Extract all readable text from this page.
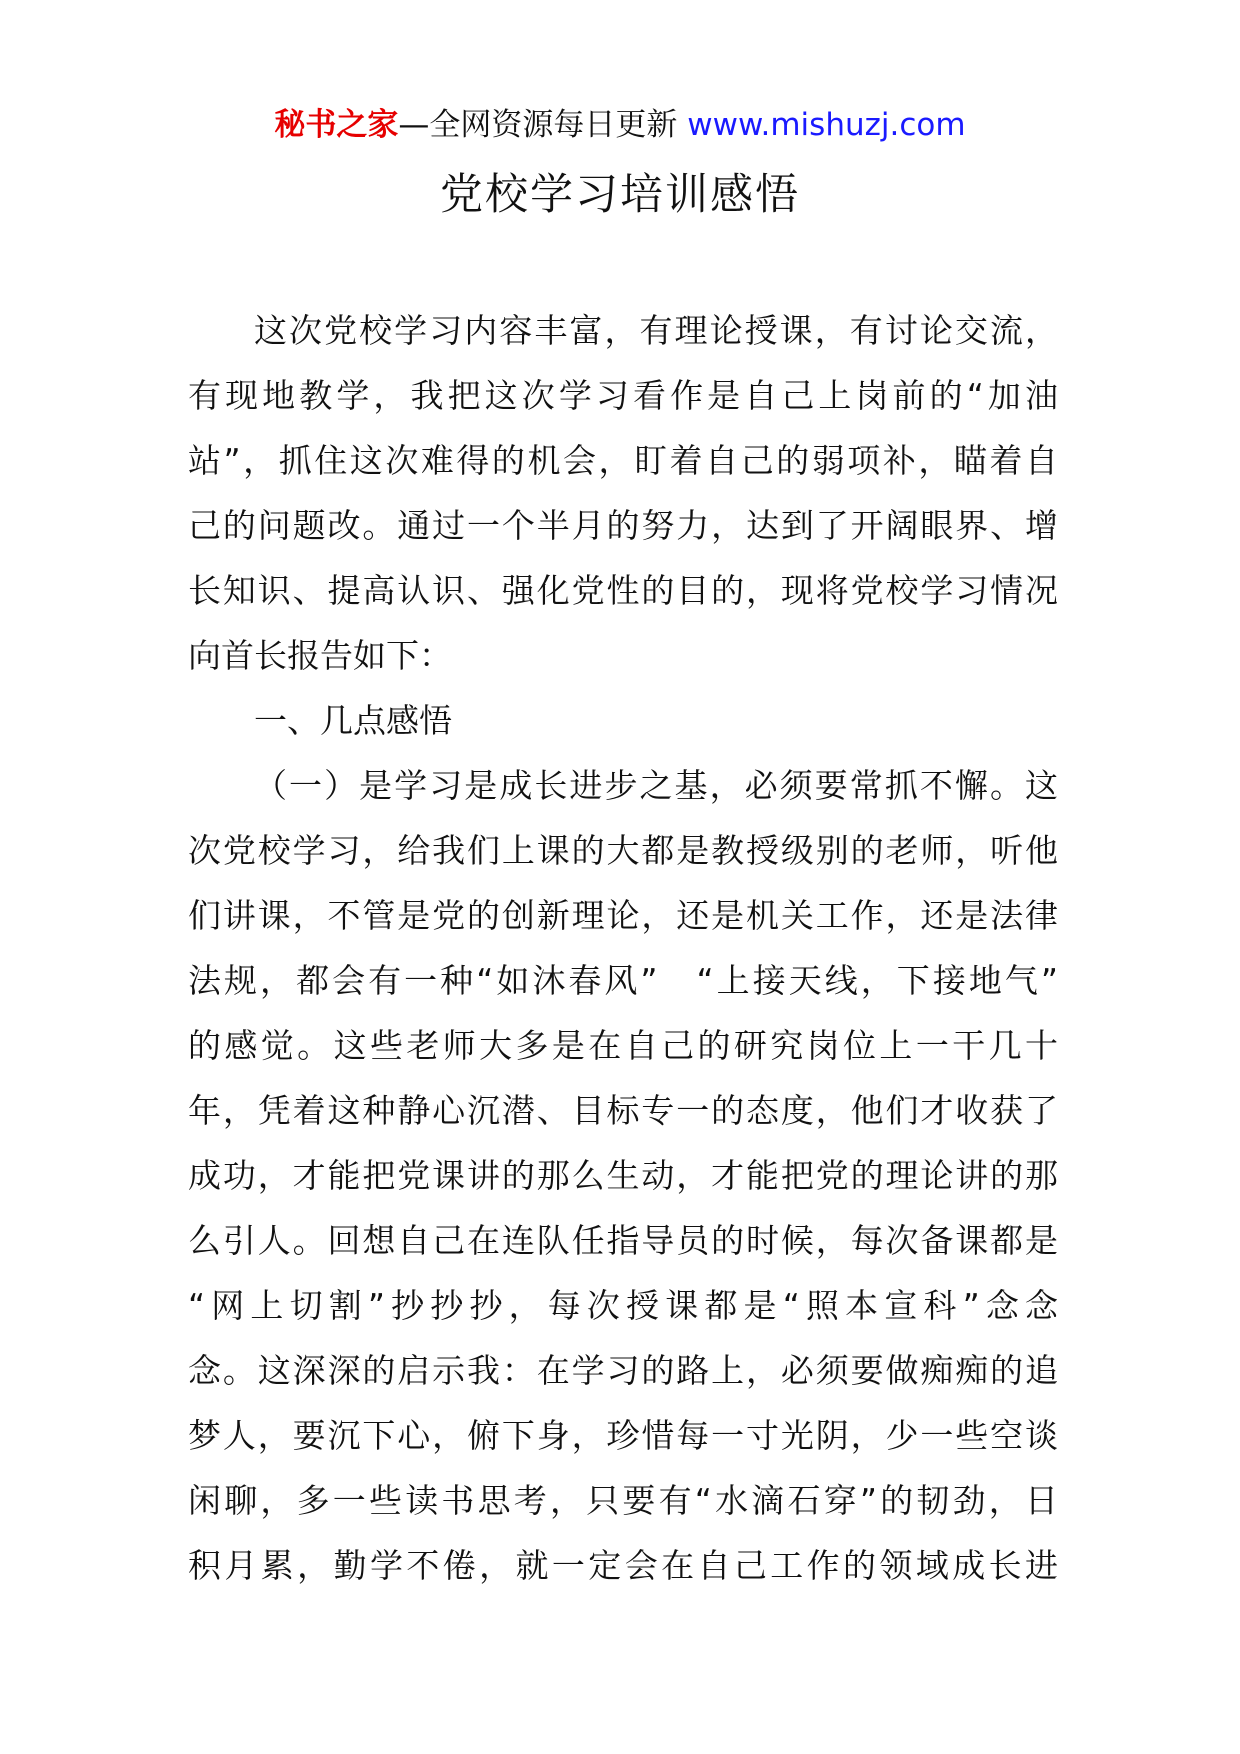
秘书之家—全网资源每日更新 www.mishuzj.com
党校学习培训感悟
这次党校学习内容丰富，有理论授课，有讨论交流，
有现地教学，我把这次学习看作是自己上岗前的“加油
站”，抓住这次难得的机会，盯着自己的弱项补，瞄着自
己的问题改。通过一个半月的努力，达到了开阔眼界、增
长知识、提高认识、强化党性的目的，现将党校学习情况
向首长报告如下：
一、几点感悟
（一）是学习是成长进步之基，必须要常抓不懈。这
次党校学习，给我们上课的大都是教授级别的老师，听他
们讲课，不管是党的创新理论，还是机关工作，还是法律
法规，都会有一种“如沐春风”　“上接天线，下接地气”
的感觉。这些老师大多是在自己的研究岗位上一干几十
年，凭着这种静心沉潜、目标专一的态度，他们才收获了
成功，才能把党课讲的那么生动，才能把党的理论讲的那
么引人。回想自己在连队任指导员的时候，每次备课都是
“网上切割”抄抄抄，每次授课都是“照本宣科”念念
念。这深深的启示我：在学习的路上，必须要做痴痴的追
梦人，要沉下心，俯下身，珍惜每一寸光阴，少一些空谈
闲聊，多一些读书思考，只要有“水滴石穿”的韧劲，日
积月累，勤学不倦，就一定会在自己工作的领域成长进
